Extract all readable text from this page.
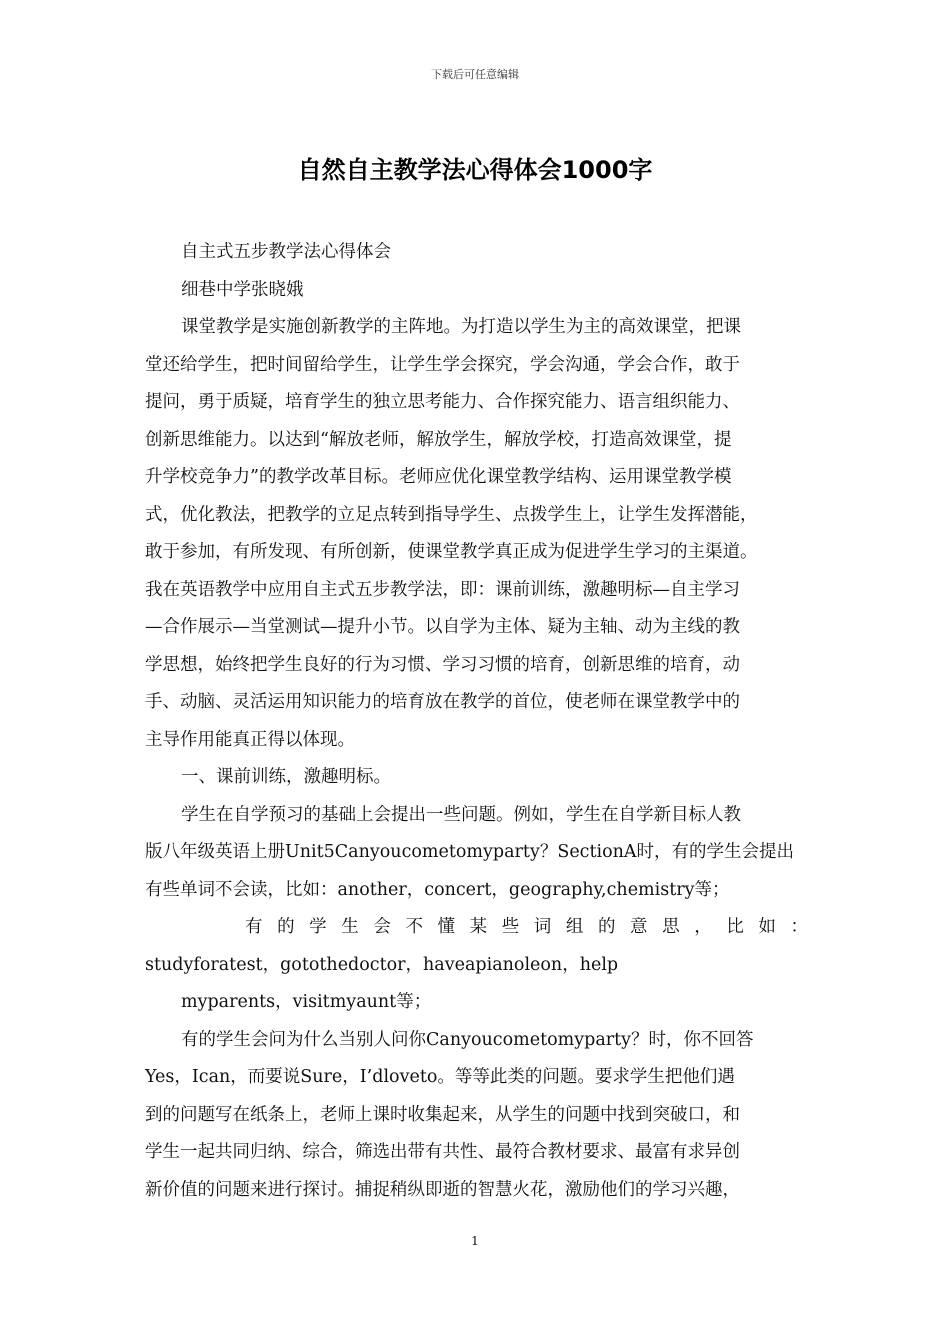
下载后可任意编辑
自然自主教学法心得体会1000字

自主式五步教学法心得体会

细巷中学张晓娥

课堂教学是实施创新教学的主阵地。为打造以学生为主的高效课堂，把课

堂还给学生，把时间留给学生，让学生学会探究，学会沟通，学会合作，敢于

提问，勇于质疑，培育学生的独立思考能力、合作探究能力、语言组织能力、

创新思维能力。以达到“解放老师，解放学生，解放学校，打造高效课堂，提

升学校竞争力”的教学改革目标。老师应优化课堂教学结构、运用课堂教学模

式，优化教法，把教学的立足点转到指导学生、点拨学生上，让学生发挥潜能，

敢于参加，有所发现、有所创新，使课堂教学真正成为促进学生学习的主渠道。

我在英语教学中应用自主式五步教学法，即：课前训练，激趣明标—自主学习

—合作展示—当堂测试—提升小节。以自学为主体、疑为主轴、动为主线的教

学思想，始终把学生良好的行为习惯、学习习惯的培育，创新思维的培育，动

手、动脑、灵活运用知识能力的培育放在教学的首位，使老师在课堂教学中的

主导作用能真正得以体现。

一、课前训练，激趣明标。

学生在自学预习的基础上会提出一些问题。例如，学生在自学新目标人教

版八年级英语上册Unit5Canyoucometomyparty？SectionA时，有的学生会提出

有些单词不会读，比如：another，concert，geography,chemistry等；

有的学生会不懂某些词组的意思，比如：

studyforatest，gotothedoctor，haveapianoleon，help

myparents，visitmyaunt等；

有的学生会问为什么当别人问你Canyoucometomyparty？时，你不回答

Yes，Ican，而要说Sure，I’dloveto。等等此类的问题。要求学生把他们遇

到的问题写在纸条上，老师上课时收集起来，从学生的问题中找到突破口，和

学生一起共同归纳、综合，筛选出带有共性、最符合教材要求、最富有求异创

新价值的问题来进行探讨。捕捉稍纵即逝的智慧火花，激励他们的学习兴趣，

1
